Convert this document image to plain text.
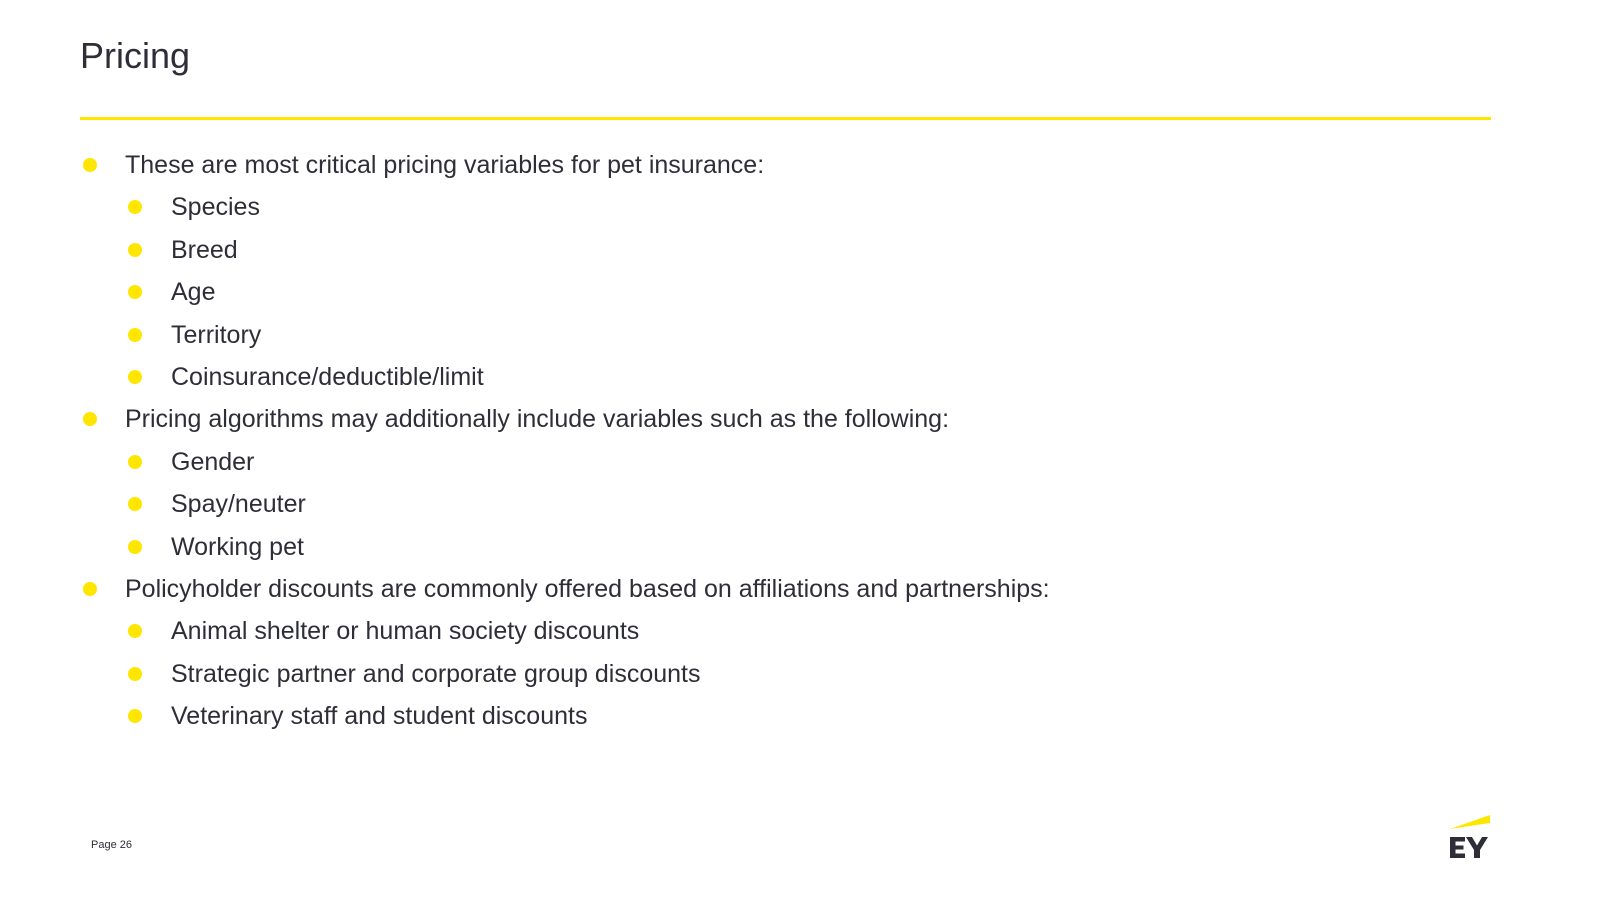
Pricing
These are most critical pricing variables for pet insurance:
Species
Breed
Age
Territory
Coinsurance/deductible/limit
Pricing algorithms may additionally include variables such as the following:
Gender
Spay/neuter
Working pet
Policyholder discounts are commonly offered based on affiliations and partnerships:
Animal shelter or human society discounts
Strategic partner and corporate group discounts
Veterinary staff and student discounts
Page 26
